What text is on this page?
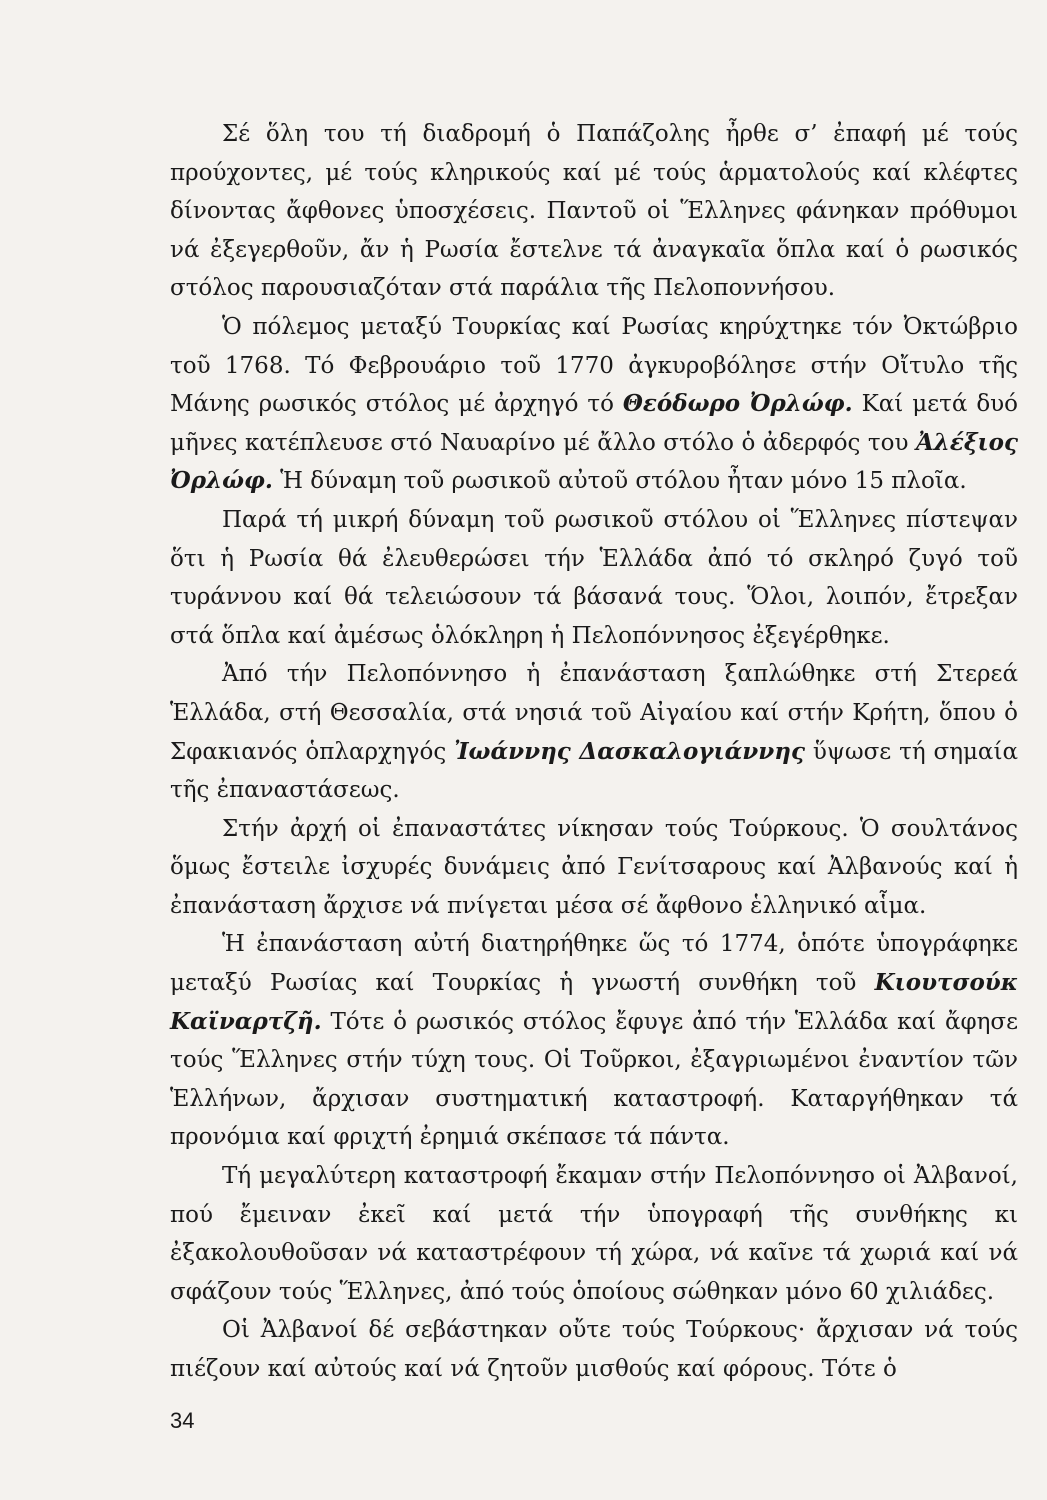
Σέ ὅλη του τή διαδρομή ὁ Παπάζολης ἦρθε σ’ ἐπαφή μέ τούς προύχοντες, μέ τούς κληρικούς καί μέ τούς ἁρματολούς καί κλέφτες δίνοντας ἄφθονες ὑποσχέσεις. Παντοῦ οἱ Ἕλληνες φάνηκαν πρόθυμοι νά ἐξεγερθοῦν, ἄν ἡ Ρωσία ἔστελνε τά ἀναγκαῖα ὅπλα καί ὁ ρωσικός στόλος παρουσιαζόταν στά παράλια τῆς Πελοποννήσου.

Ὁ πόλεμος μεταξύ Τουρκίας καί Ρωσίας κηρύχτηκε τόν Ὀκτώβριο τοῦ 1768. Τό Φεβρουάριο τοῦ 1770 ἀγκυροβόλησε στήν Οἴτυλο τῆς Μάνης ρωσικός στόλος μέ ἀρχηγό τό Θεόδωρο Ὀρλώφ. Καί μετά δυό μῆνες κατέπλευσε στό Ναυαρίνο μέ ἄλλο στόλο ὁ ἀδερφός του Ἀλέξιος Ὀρλώφ. Ἡ δύναμη τοῦ ρωσικοῦ αὐτοῦ στόλου ἦταν μόνο 15 πλοῖα.

Παρά τή μικρή δύναμη τοῦ ρωσικοῦ στόλου οἱ Ἕλληνες πίστεψαν ὅτι ἡ Ρωσία θά ἐλευθερώσει τήν Ἑλλάδα ἀπό τό σκληρό ζυγό τοῦ τυράννου καί θά τελειώσουν τά βάσανά τους. Ὅλοι, λοιπόν, ἔτρεξαν στά ὅπλα καί ἀμέσως ὁλόκληρη ἡ Πελοπόννησος ἐξεγέρθηκε.

Ἀπό τήν Πελοπόννησο ἡ ἐπανάσταση ξαπλώθηκε στή Στερεά Ἑλλάδα, στή Θεσσαλία, στά νησιά τοῦ Αἰγαίου καί στήν Κρήτη, ὅπου ὁ Σφακιανός ὁπλαρχηγός Ἰωάννης Δασκαλογιάννης ὕψωσε τή σημαία τῆς ἐπαναστάσεως.

Στήν ἀρχή οἱ ἐπαναστάτες νίκησαν τούς Τούρκους. Ὁ σουλτάνος ὅμως ἔστειλε ἰσχυρές δυνάμεις ἀπό Γενίτσαρους καί Ἀλβανούς καί ἡ ἐπανάσταση ἄρχισε νά πνίγεται μέσα σέ ἄφθονο ἑλληνικό αἷμα.

Ἡ ἐπανάσταση αὐτή διατηρήθηκε ὥς τό 1774, ὁπότε ὑπογράφηκε μεταξύ Ρωσίας καί Τουρκίας ἡ γνωστή συνθήκη τοῦ Κιουτσούκ Καϊναρτζῆ. Τότε ὁ ρωσικός στόλος ἔφυγε ἀπό τήν Ἑλλάδα καί ἄφησε τούς Ἕλληνες στήν τύχη τους. Οἱ Τοῦρκοι, ἐξαγριωμένοι ἐναντίον τῶν Ἑλλήνων, ἄρχισαν συστηματική καταστροφή. Καταργήθηκαν τά προνόμια καί φριχτή ἐρημιά σκέπασε τά πάντα.

Τή μεγαλύτερη καταστροφή ἔκαμαν στήν Πελοπόννησο οἱ Ἀλβανοί, πού ἔμειναν ἐκεῖ καί μετά τήν ὑπογραφή τῆς συνθήκης κι ἐξακολουθοῦσαν νά καταστρέφουν τή χώρα, νά καῖνε τά χωριά καί νά σφάζουν τούς Ἕλληνες, ἀπό τούς ὁποίους σώθηκαν μόνο 60 χιλιάδες.

Οἱ Ἀλβανοί δέ σεβάστηκαν οὔτε τούς Τούρκους· ἄρχισαν νά τούς πιέζουν καί αὐτούς καί νά ζητοῦν μισθούς καί φόρους. Τότε ὁ

34
